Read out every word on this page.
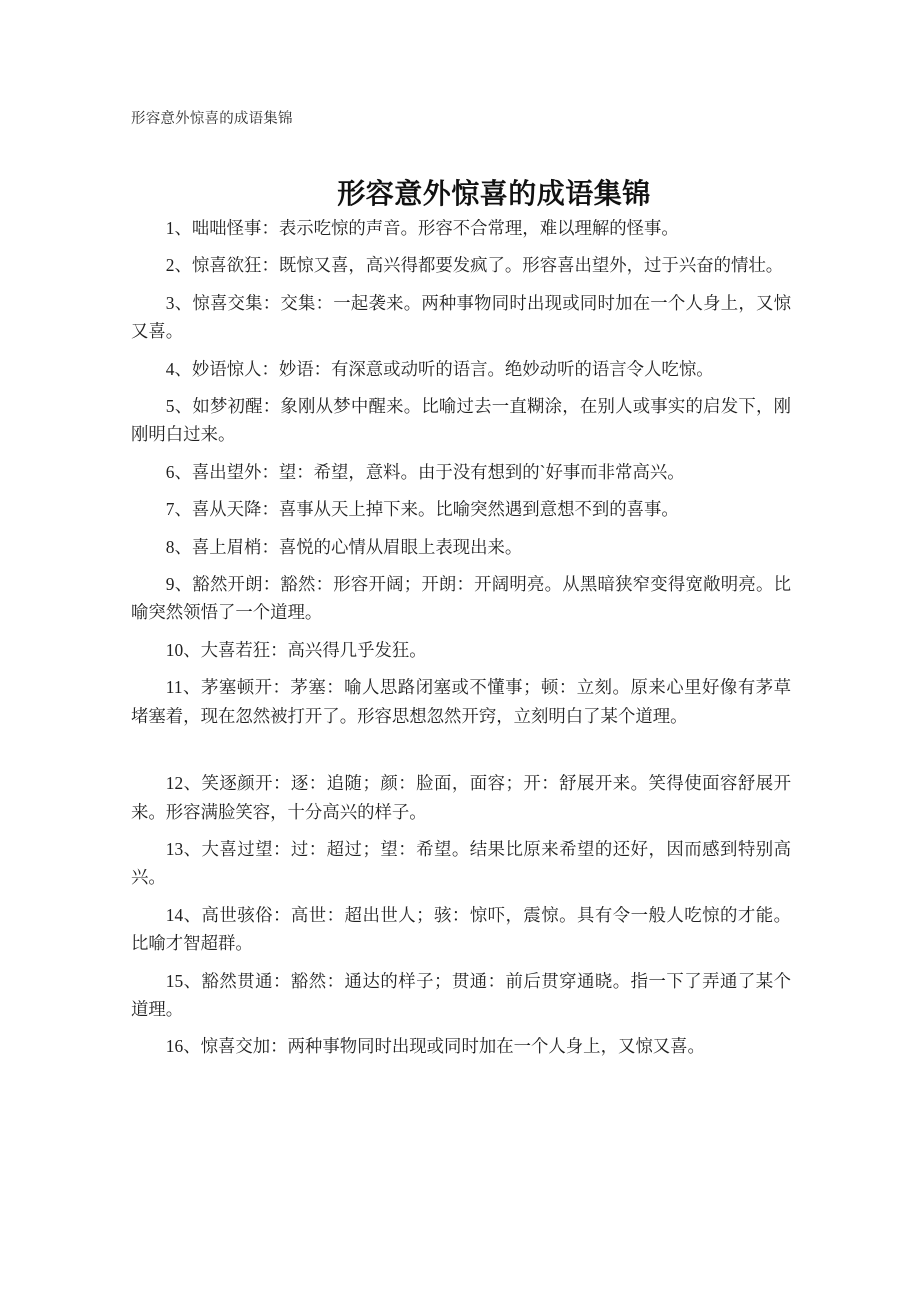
形容意外惊喜的成语集锦
形容意外惊喜的成语集锦

1、咄咄怪事：表示吃惊的声音。形容不合常理，难以理解的怪事。

2、惊喜欲狂：既惊又喜，高兴得都要发疯了。形容喜出望外，过于兴奋的情壮。

3、惊喜交集：交集：一起袭来。两种事物同时出现或同时加在一个人身上，又惊又喜。

4、妙语惊人：妙语：有深意或动听的语言。绝妙动听的语言令人吃惊。

5、如梦初醒：象刚从梦中醒来。比喻过去一直糊涂，在别人或事实的启发下，刚刚明白过来。

6、喜出望外：望：希望，意料。由于没有想到的`好事而非常高兴。

7、喜从天降：喜事从天上掉下来。比喻突然遇到意想不到的喜事。

8、喜上眉梢：喜悦的心情从眉眼上表现出来。

9、豁然开朗：豁然：形容开阔；开朗：开阔明亮。从黑暗狭窄变得宽敞明亮。比喻突然领悟了一个道理。

10、大喜若狂：高兴得几乎发狂。

11、茅塞顿开：茅塞：喻人思路闭塞或不懂事；顿：立刻。原来心里好像有茅草堵塞着，现在忽然被打开了。形容思想忽然开窍，立刻明白了某个道理。

12、笑逐颜开：逐：追随；颜：脸面，面容；开：舒展开来。笑得使面容舒展开来。形容满脸笑容，十分高兴的样子。

13、大喜过望：过：超过；望：希望。结果比原来希望的还好，因而感到特别高兴。

14、高世骇俗：高世：超出世人；骇：惊吓，震惊。具有令一般人吃惊的才能。比喻才智超群。

15、豁然贯通：豁然：通达的样子；贯通：前后贯穿通晓。指一下了弄通了某个道理。

16、惊喜交加：两种事物同时出现或同时加在一个人身上，又惊又喜。
